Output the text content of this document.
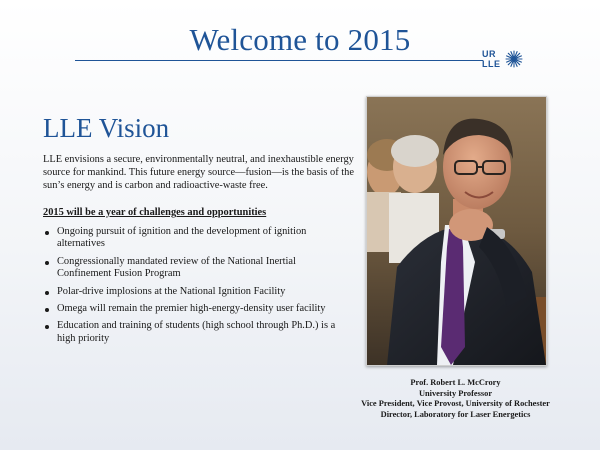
Welcome to 2015	UR
LLE
LLE Vision
LLE envisions a secure, environmentally neutral, and inexhaustible energy source for mankind. This future energy source—fusion—is the basis of the sun’s energy and is carbon and radioactive-waste free.
2015 will be a year of challenges and opportunities
Ongoing pursuit of ignition and the development of ignition alternatives
Congressionally mandated review of the National Inertial Confinement Fusion Program
Polar-drive implosions at the National Ignition Facility
Omega will remain the premier high-energy-density user facility
Education and training of students (high school through Ph.D.) is a high priority
Prof. Robert L. McCrory
University Professor
Vice President, Vice Provost, University of Rochester
Director, Laboratory for Laser Energetics
